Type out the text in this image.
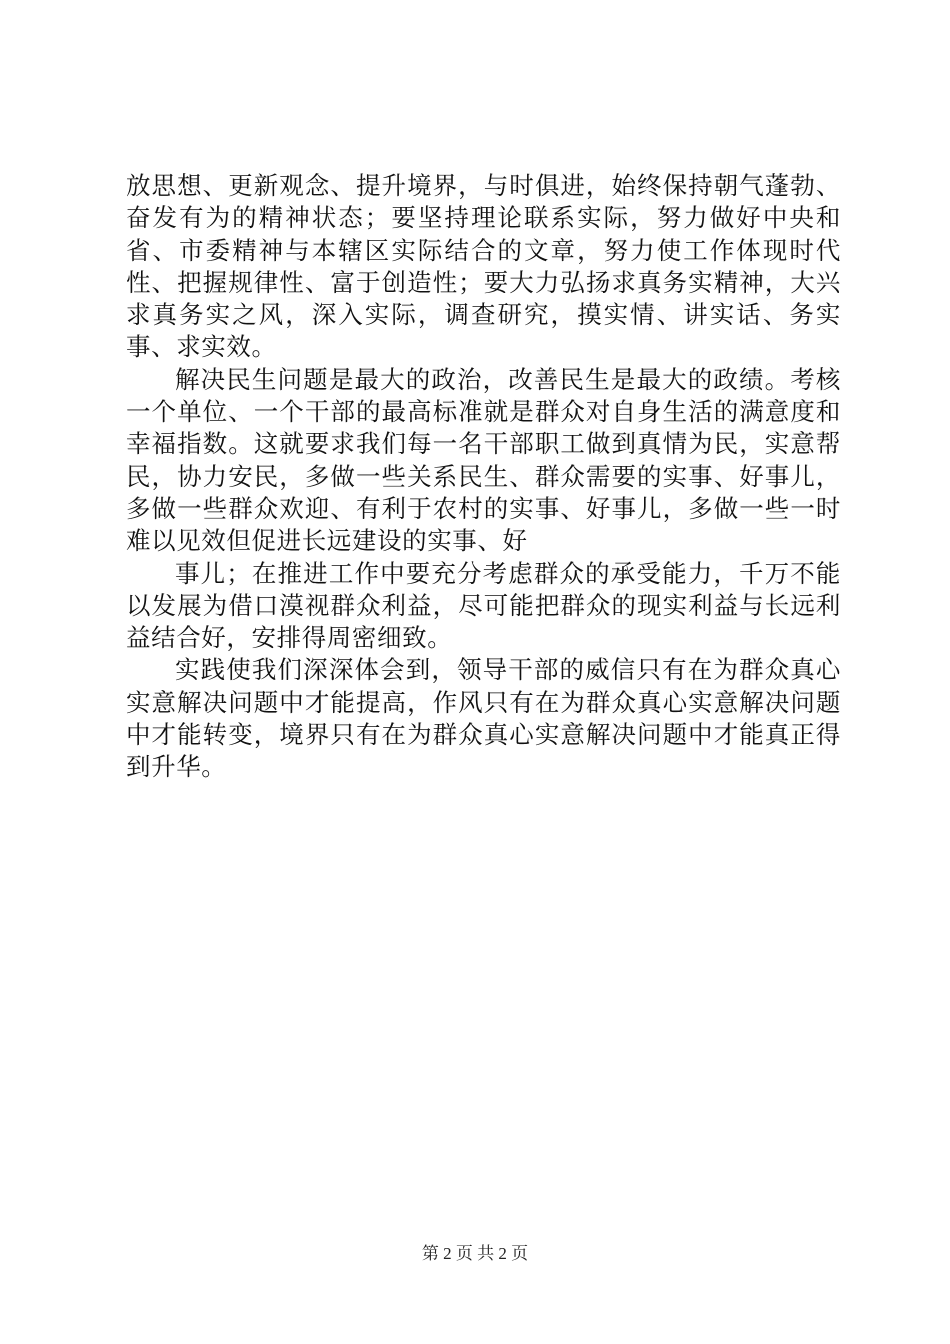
放思想、更新观念、提升境界，与时俱进，始终保持朝气蓬勃、奋发有为的精神状态；要坚持理论联系实际，努力做好中央和省、市委精神与本辖区实际结合的文章，努力使工作体现时代性、把握规律性、富于创造性；要大力弘扬求真务实精神，大兴求真务实之风，深入实际，调查研究，摸实情、讲实话、务实事、求实效。

解决民生问题是最大的政治，改善民生是最大的政绩。考核一个单位、一个干部的最高标准就是群众对自身生活的满意度和幸福指数。这就要求我们每一名干部职工做到真情为民，实意帮民，协力安民，多做一些关系民生、群众需要的实事、好事儿，多做一些群众欢迎、有利于农村的实事、好事儿，多做一些一时难以见效但促进长远建设的实事、好

事儿；在推进工作中要充分考虑群众的承受能力，千万不能以发展为借口漠视群众利益，尽可能把群众的现实利益与长远利益结合好，安排得周密细致。

实践使我们深深体会到，领导干部的威信只有在为群众真心实意解决问题中才能提高，作风只有在为群众真心实意解决问题中才能转变，境界只有在为群众真心实意解决问题中才能真正得到升华。

第 2 页 共 2 页
